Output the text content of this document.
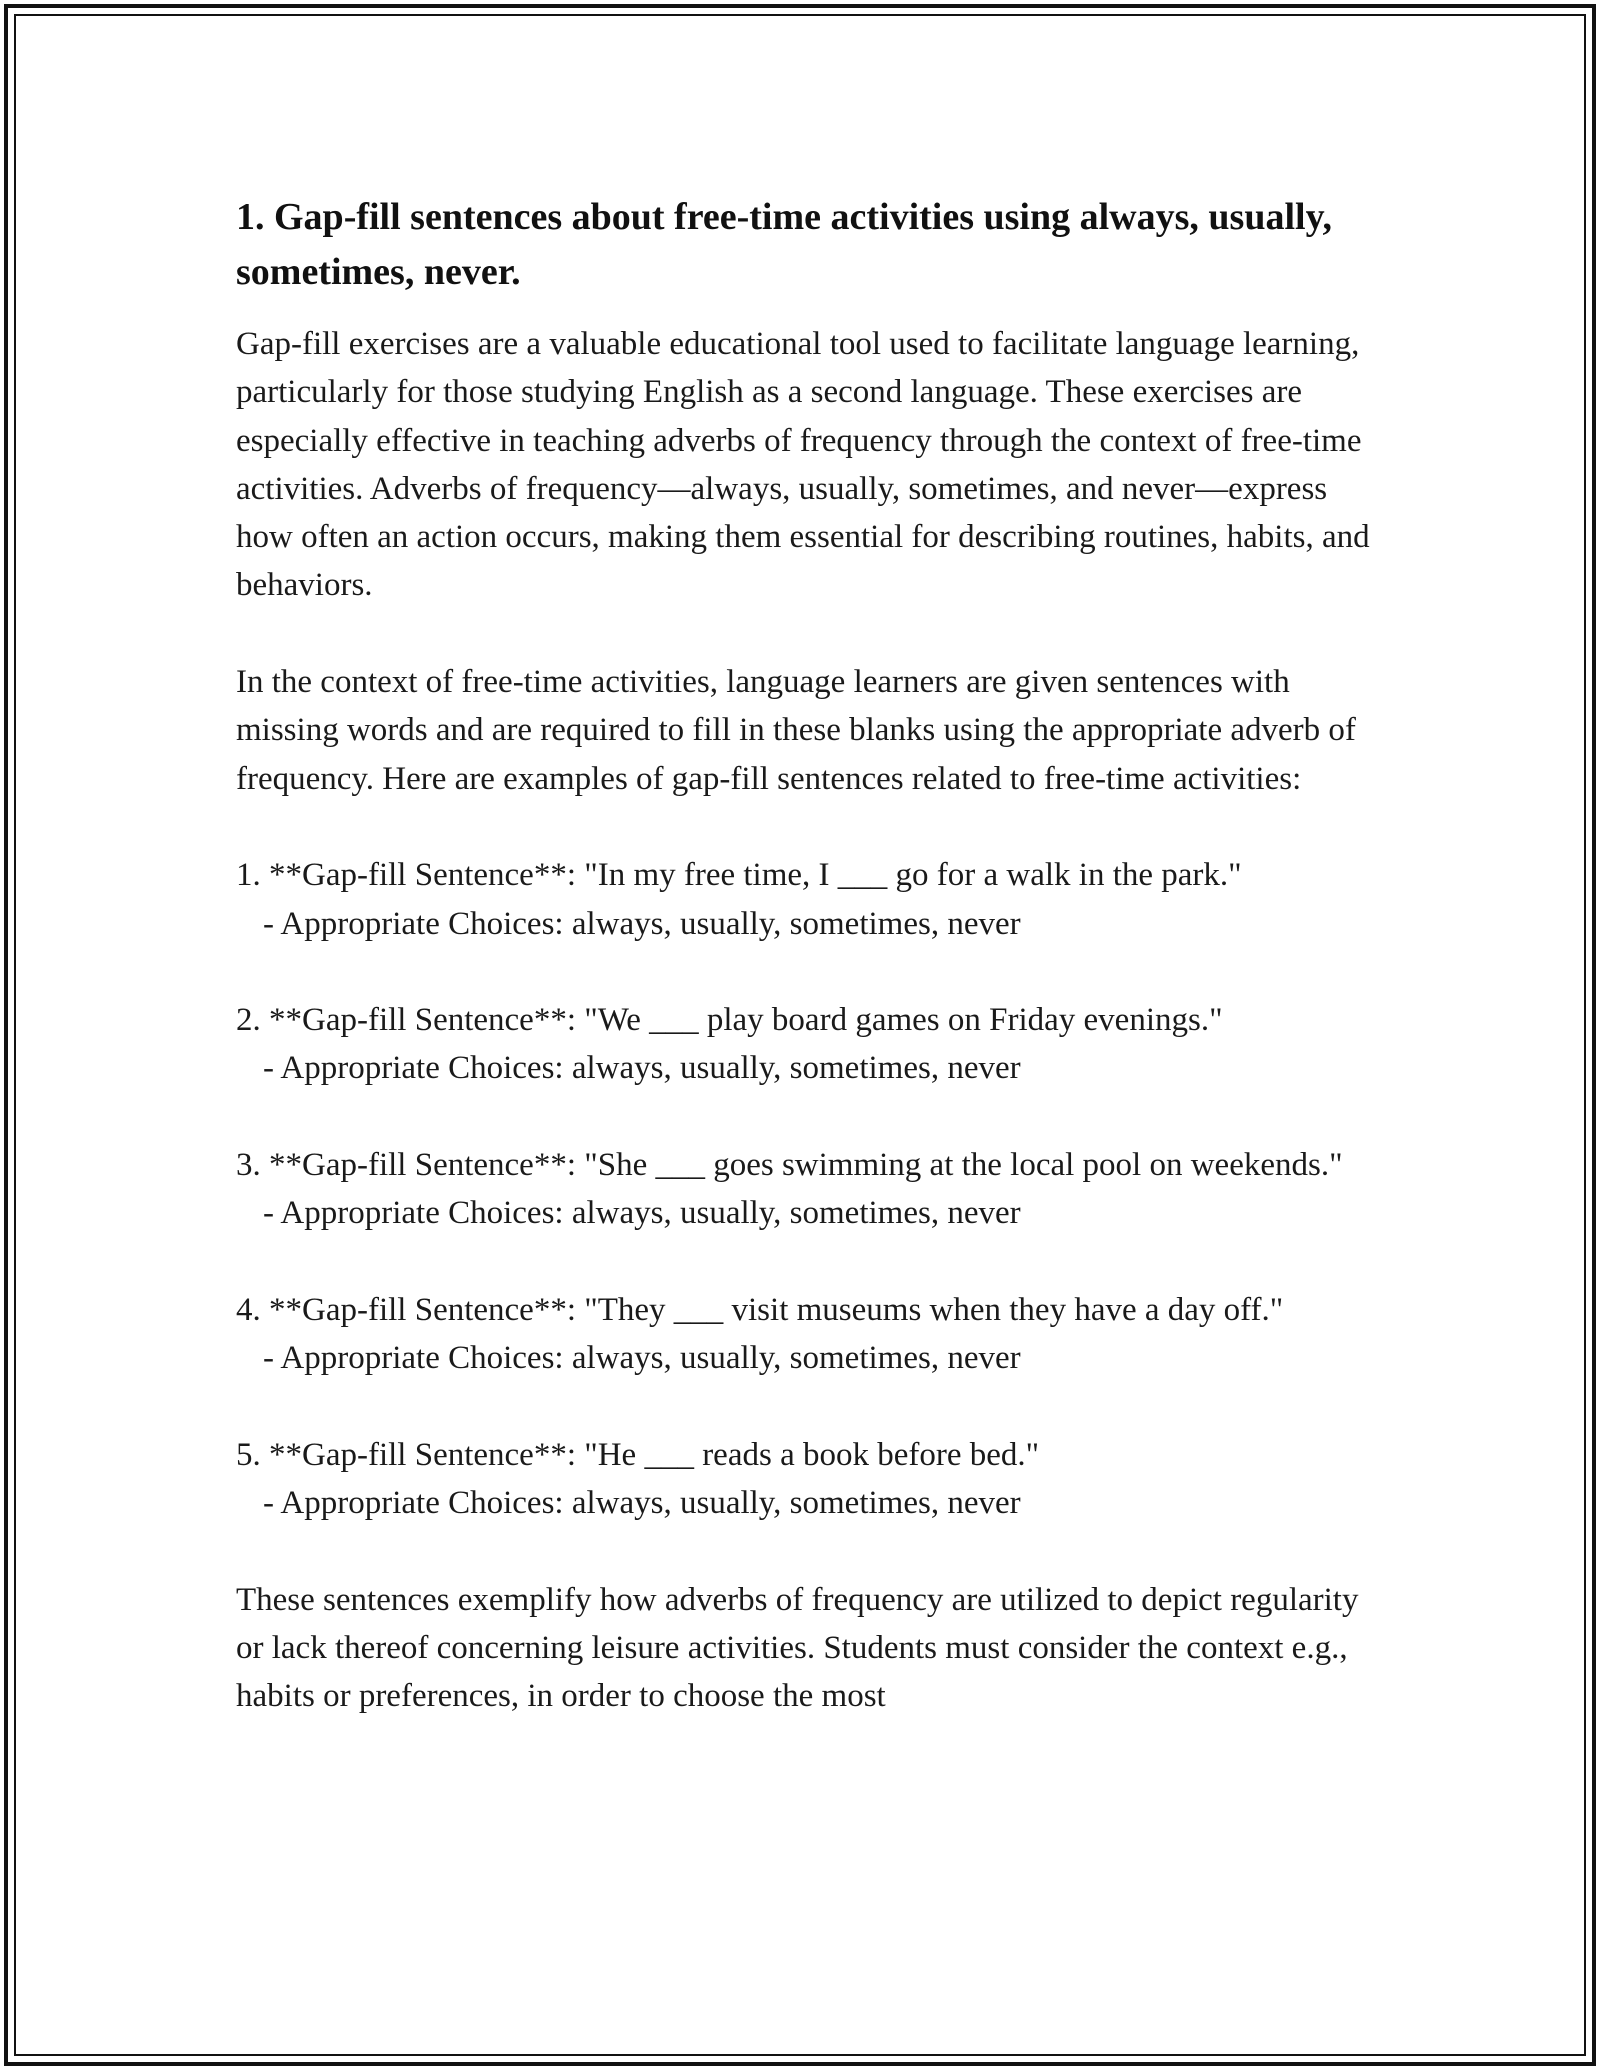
1. Gap-fill sentences about free-time activities using always, usually, sometimes, never.

Gap-fill exercises are a valuable educational tool used to facilitate language learning, particularly for those studying English as a second language. These exercises are especially effective in teaching adverbs of frequency through the context of free-time activities. Adverbs of frequency—always, usually, sometimes, and never—express how often an action occurs, making them essential for describing routines, habits, and behaviors.

In the context of free-time activities, language learners are given sentences with missing words and are required to fill in these blanks using the appropriate adverb of frequency. Here are examples of gap-fill sentences related to free-time activities:

1. **Gap-fill Sentence**: "In my free time, I ___ go for a walk in the park."

- Appropriate Choices: always, usually, sometimes, never

2. **Gap-fill Sentence**: "We ___ play board games on Friday evenings."

- Appropriate Choices: always, usually, sometimes, never

3. **Gap-fill Sentence**: "She ___ goes swimming at the local pool on weekends."

- Appropriate Choices: always, usually, sometimes, never

4. **Gap-fill Sentence**: "They ___ visit museums when they have a day off."

- Appropriate Choices: always, usually, sometimes, never

5. **Gap-fill Sentence**: "He ___ reads a book before bed."

- Appropriate Choices: always, usually, sometimes, never

These sentences exemplify how adverbs of frequency are utilized to depict regularity or lack thereof concerning leisure activities. Students must consider the context e.g., habits or preferences, in order to choose the most
